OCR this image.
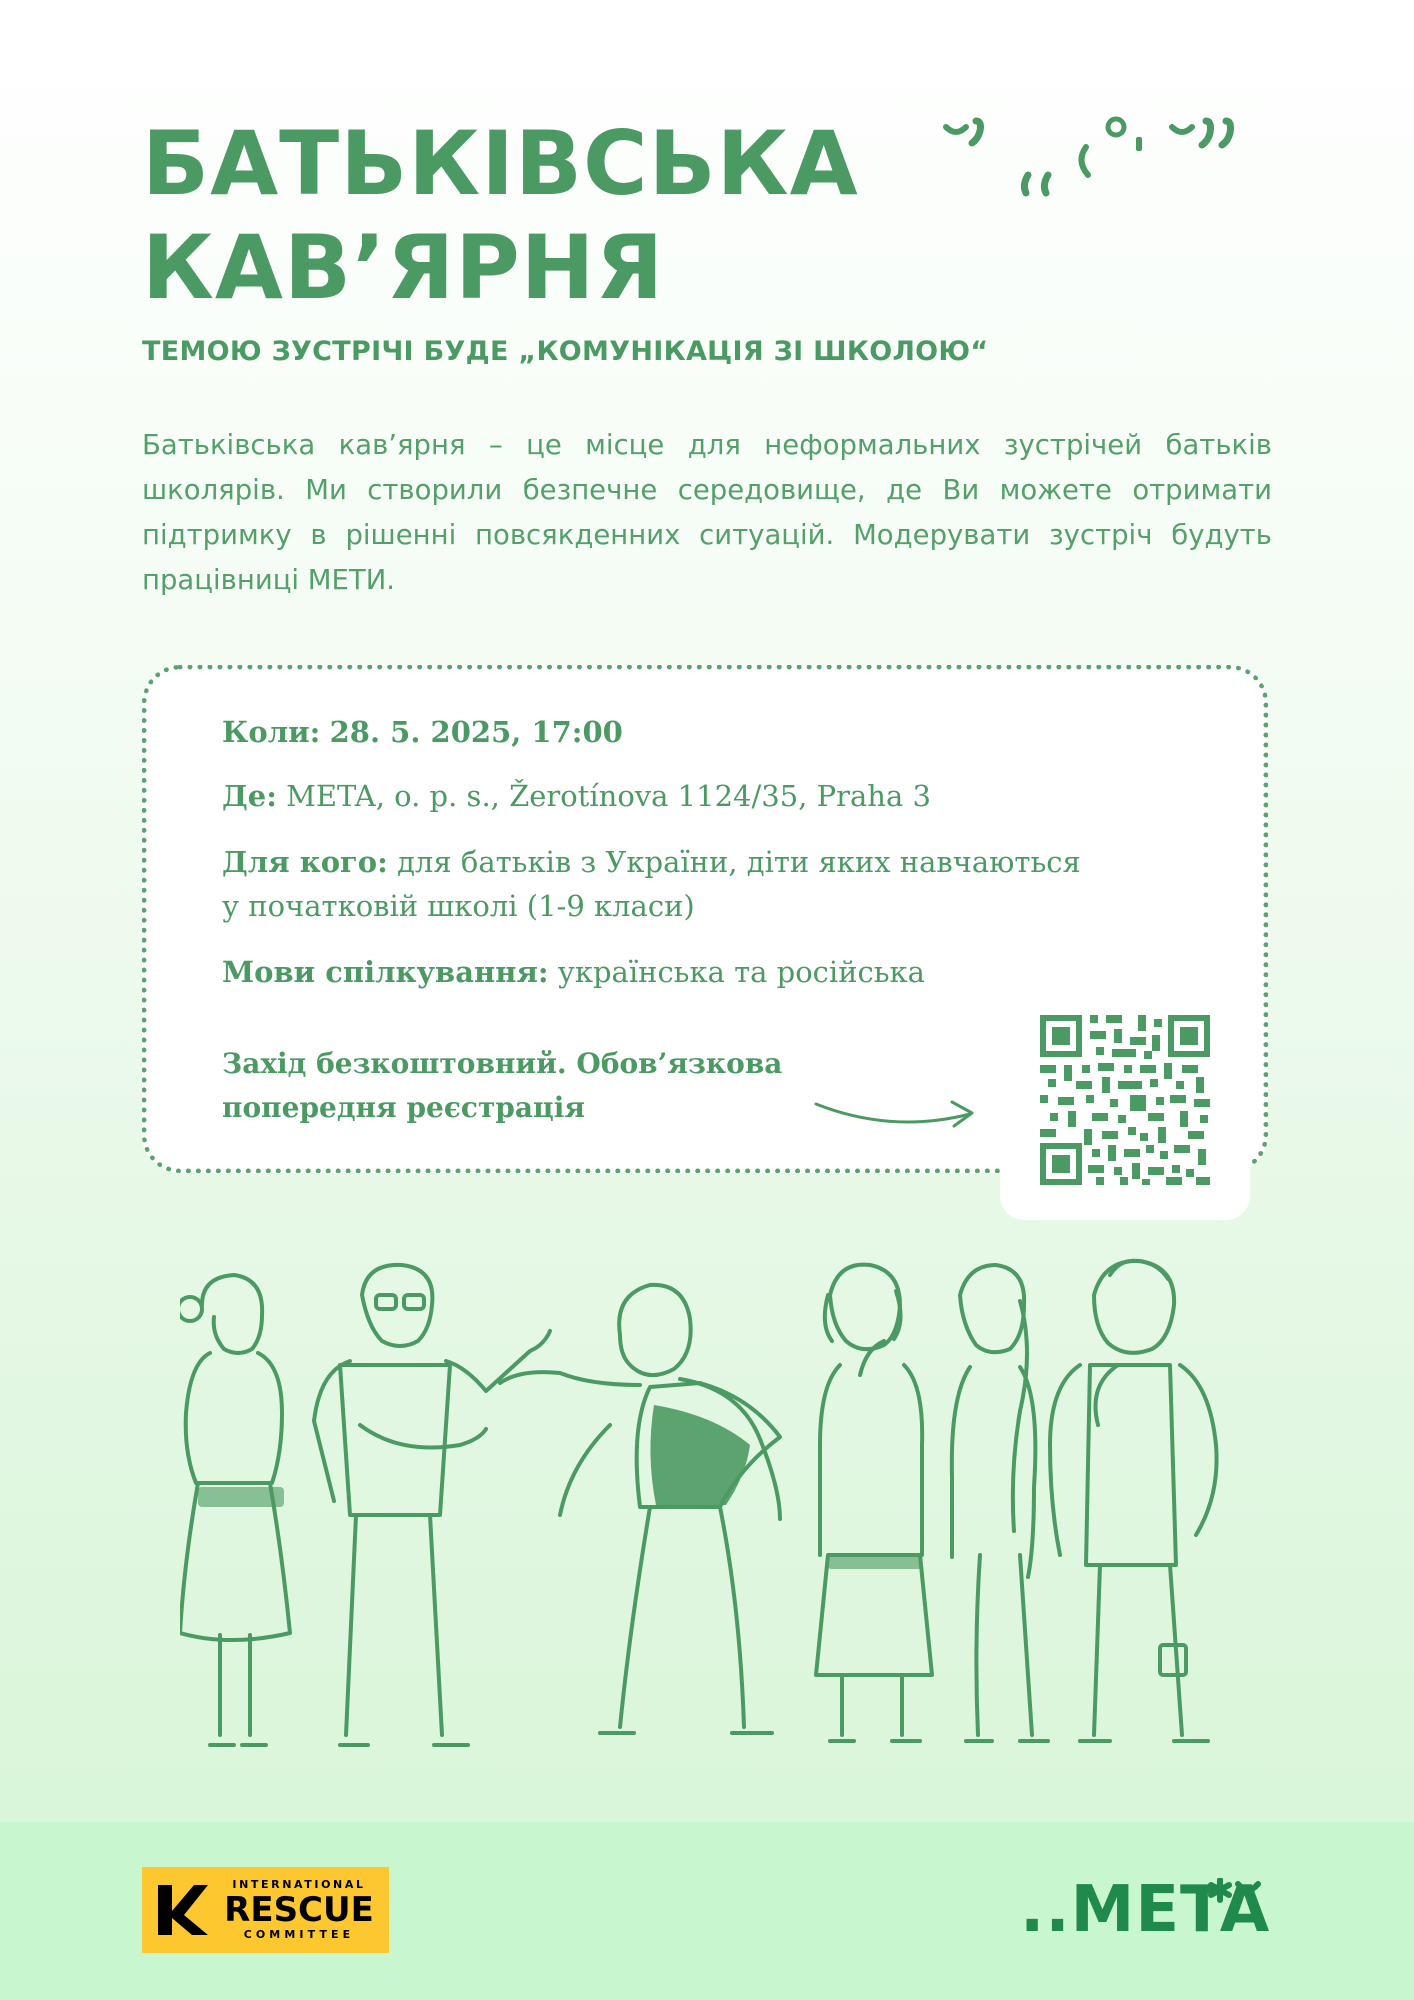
БАТЬКІВСЬКА
КАВ’ЯРНЯ
ТЕМОЮ ЗУСТРІЧІ БУДЕ „КОМУНІКАЦІЯ ЗІ ШКОЛОЮ“

Батьківська кав’ярня – це місце для неформальних зустрічей батьків школярів. Ми створили безпечне середовище, де Ви можете отримати підтримку в рішенні повсякденних ситуацій. Модерувати зустріч будуть працівниці МЕТИ.

Коли: 28. 5. 2025, 17:00

Де: META, o. p. s., Žerotínova 1124/35, Praha 3

Для кого: для батьків з України, діти яких навчаються
у початковій школі (1-9 класи)

Мови спілкування: українська та російська

Захід безкоштовний. Обов’язкова
попередня реєстрація

INTERNATIONAL
RESCUE
COMMITTEE	..META
